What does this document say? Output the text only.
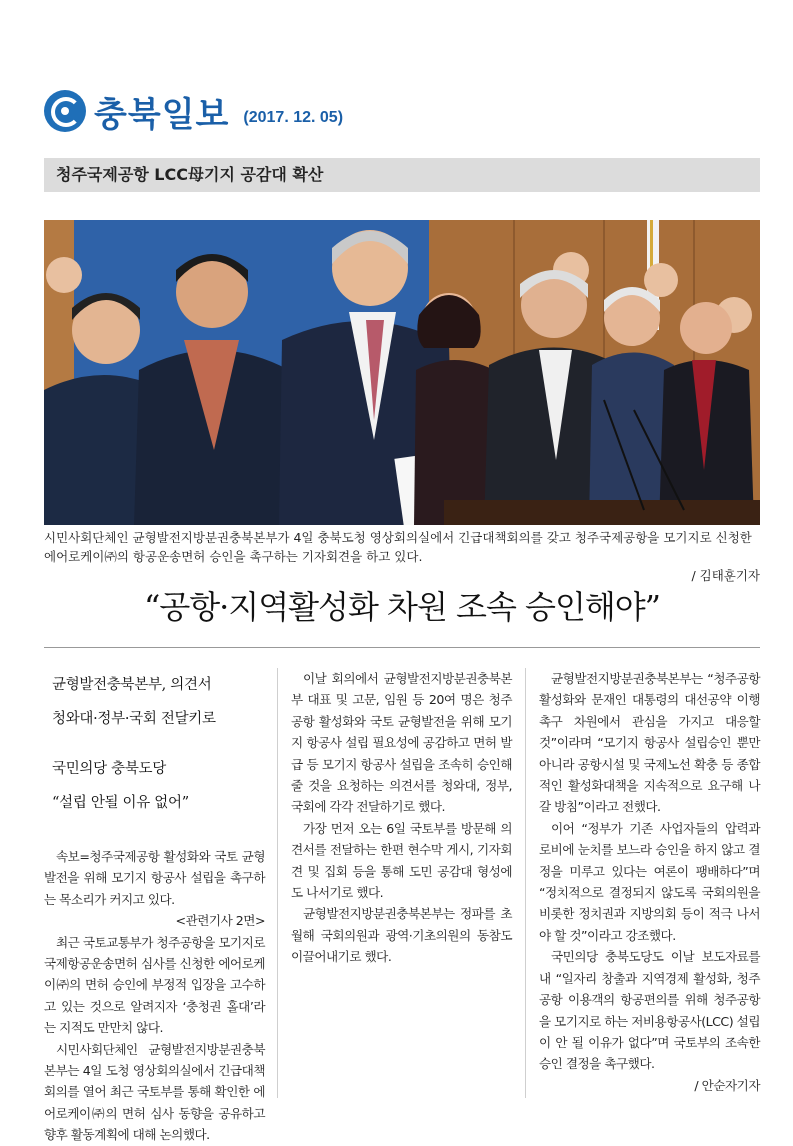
충북일보 (2017. 12. 05)
청주국제공항 LCC母기지 공감대 확산
시민사회단체인 균형발전지방분권충북본부가 4일 충북도청 영상회의실에서 긴급대책회의를 갖고 청주국제공항을 모기지로 신청한 에어로케이㈜의 항공운송면허 승인을 촉구하는 기자회견을 하고 있다.
/ 김태훈기자
“공항·지역활성화 차원 조속 승인해야”
균형발전충북본부, 의견서
청와대·정부·국회 전달키로
국민의당 충북도당
“설립 안될 이유 없어”

속보=청주국제공항 활성화와 국토 균형발전을 위해 모기지 항공사 설립을 촉구하는 목소리가 커지고 있다.

<관련기사 2면>

최근 국토교통부가 청주공항을 모기지로 국제항공운송면허 심사를 신청한 에어로케이㈜의 면허 승인에 부정적 입장을 고수하고 있는 것으로 알려지자 ‘충청권 홀대’라는 지적도 만만치 않다.

시민사회단체인 균형발전지방분권충북본부는 4일 도청 영상회의실에서 긴급대책회의를 열어 최근 국토부를 통해 확인한 에어로케이㈜의 면허 심사 동향을 공유하고 향후 활동계획에 대해 논의했다.

이날 회의에서 균형발전지방분권충북본부 대표 및 고문, 임원 등 20여 명은 청주공항 활성화와 국토 균형발전을 위해 모기지 항공사 설립 필요성에 공감하고 면허 발급 등 모기지 항공사 설립을 조속히 승인해 줄 것을 요청하는 의견서를 청와대, 정부, 국회에 각각 전달하기로 했다.

가장 먼저 오는 6일 국토부를 방문해 의견서를 전달하는 한편 현수막 게시, 기자회견 및 집회 등을 통해 도민 공감대 형성에도 나서기로 했다.

균형발전지방분권충북본부는 정파를 초월해 국회의원과 광역·기초의원의 동참도 이끌어내기로 했다.

균형발전지방분권충북본부는 “청주공항 활성화와 문재인 대통령의 대선공약 이행 촉구 차원에서 관심을 가지고 대응할 것”이라며 “모기지 항공사 설립승인 뿐만 아니라 공항시설 및 국제노선 확충 등 종합적인 활성화대책을 지속적으로 요구해 나갈 방침”이라고 전했다.

이어 “정부가 기존 사업자들의 압력과 로비에 눈치를 보느라 승인을 하지 않고 결정을 미루고 있다는 여론이 팽배하다”며 “정치적으로 결정되지 않도록 국회의원을 비롯한 정치권과 지방의회 등이 적극 나서야 할 것”이라고 강조했다.

국민의당 충북도당도 이날 보도자료를 내 “일자리 창출과 지역경제 활성화, 청주공항 이용객의 항공편의를 위해 청주공항을 모기지로 하는 저비용항공사(LCC) 설립이 안 될 이유가 없다”며 국토부의 조속한 승인 결정을 촉구했다.

/ 안순자기자
